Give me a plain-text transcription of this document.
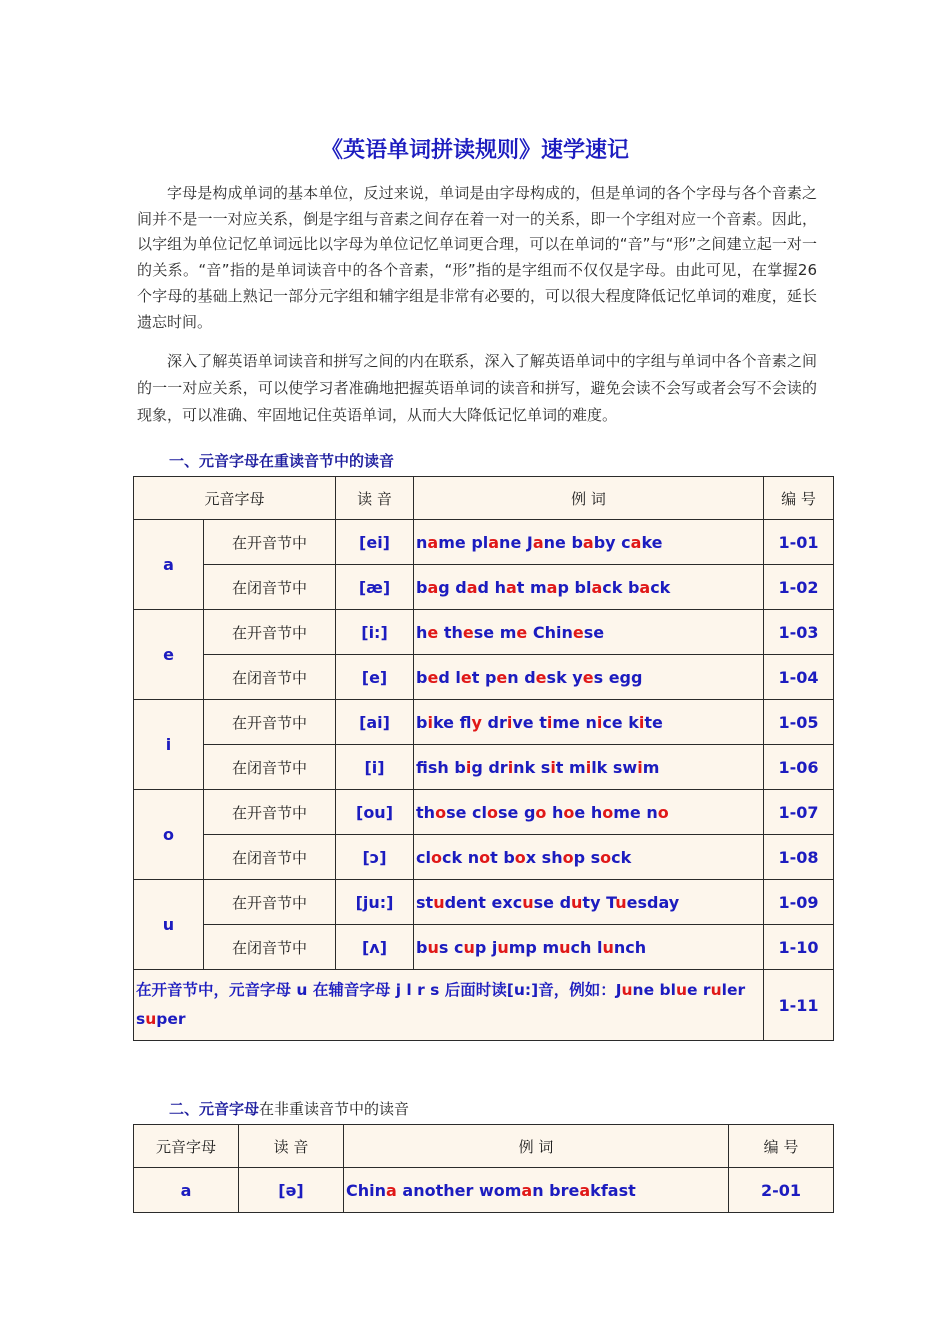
《英语单词拼读规则》速学速记

字母是构成单词的基本单位，反过来说，单词是由字母构成的，但是单词的各个字母与各个音素之间并不是一一对应关系，倒是字组与音素之间存在着一对一的关系，即一个字组对应一个音素。因此，以字组为单位记忆单词远比以字母为单位记忆单词更合理，可以在单词的“音”与“形”之间建立起一对一的关系。“音”指的是单词读音中的各个音素，“形”指的是字组而不仅仅是字母。由此可见，在掌握26个字母的基础上熟记一部分元字组和辅字组是非常有必要的，可以很大程度降低记忆单词的难度，延长遗忘时间。

深入了解英语单词读音和拼写之间的内在联系，深入了解英语单词中的字组与单词中各个音素之间的一一对应关系，可以使学习者准确地把握英语单词的读音和拼写，避免会读不会写或者会写不会读的现象，可以准确、牢固地记住英语单词，从而大大降低记忆单词的难度。

一、元音字母在重读音节中的读音
元音字母		读 音	例 词	编 号
a	在开音节中	[ei]	name plane Jane baby cake	1-01
	在闭音节中	[æ]	bag dad hat map black back	1-02
e	在开音节中	[i:]	he these me Chinese	1-03
	在闭音节中	[e]	bed let pen desk yes egg	1-04
i	在开音节中	[ai]	bike fy drive time nice kite	1-05
	在闭音节中	[i]	fsh big drink sit milk swim	1-06
o	在开音节中	[ou]	those close go hoe home no	1-07
	在闭音节中	[ɔ]	clock not box shop sock	1-08
u	在开音节中	[ju:]	student excuse duty Tuesday	1-09
	在闭音节中	[ʌ]	bus cup jump much lunch	1-10
在开音节中，元音字母 u 在辅音字母 j l r s 后面时读[u:]音，例如：June blue ruler super				1-11
二、元音字母在非重读音节中的读音
元音字母	读 音	例 词	编 号
a	[ə]	China another woman breakfast	2-01
